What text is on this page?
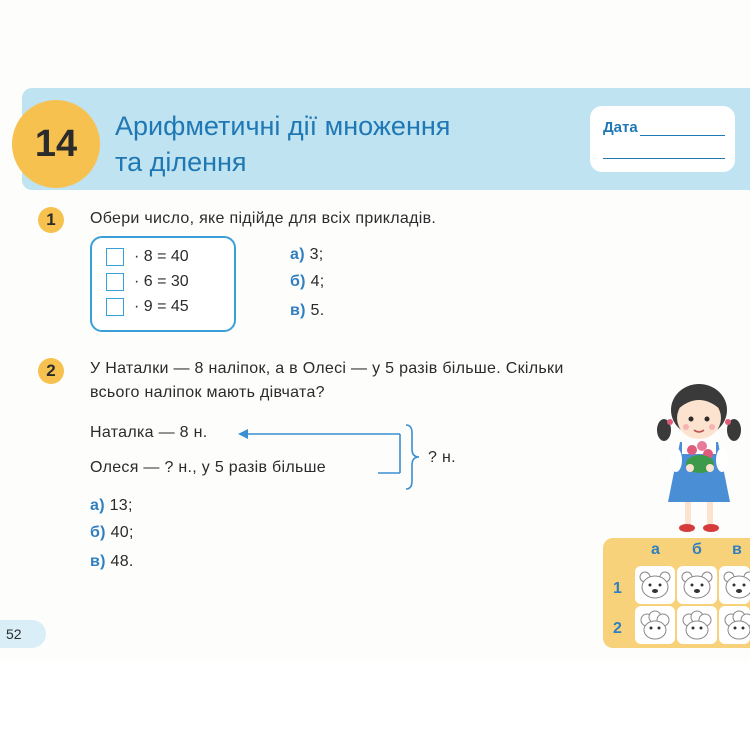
14 Арифметичні дії множення
та ділення
Дата
1	Обери число, яке підійде для всіх прикладів.
· 8 = 40
· 6 = 30
· 9 = 45
а) 3;
б) 4;
в) 5.
2	У Наталки — 8 наліпок, а в Олесі — у 5 разів більше. Скільки
всього наліпок мають дівчата?
Наталка — 8 н.
Олеся — ? н., у 5 разів більше
? н.
а) 13;
б) 40;
в) 48.
а б в
1
2
52
